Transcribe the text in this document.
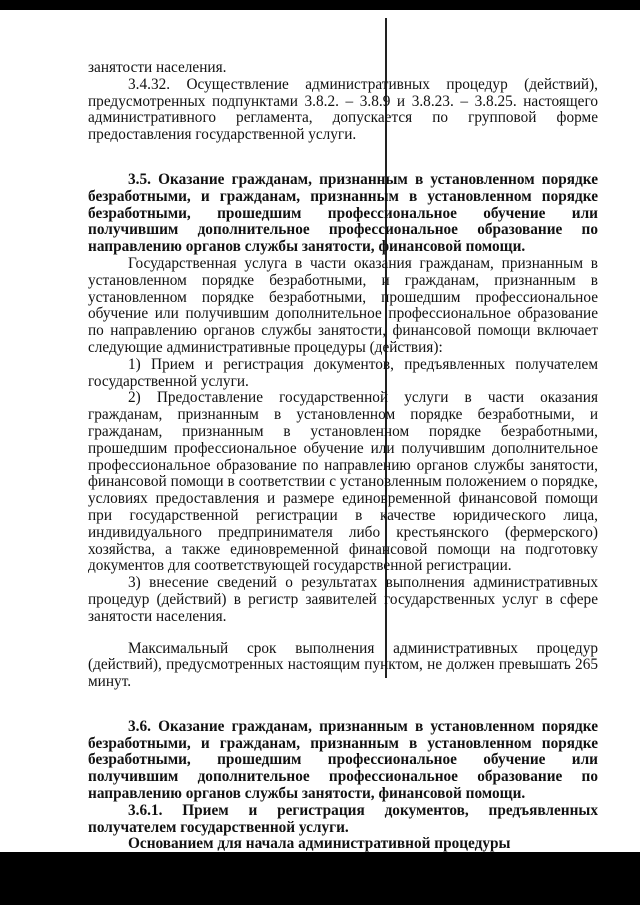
занятости населения.

3.4.32. Осуществление административных процедур (действий), предусмотренных подпунктами 3.8.2. – 3.8.9 и 3.8.23. – 3.8.25. настоящего административного регламента, допускается по групповой форме предоставления государственной услуги.

3.5. Оказание гражданам, признанным в установленном порядке безработными, и гражданам, признанным в установленном порядке безработными, прошедшим профессиональное обучение или получившим дополнительное профессиональное образование по направлению органов службы занятости, финансовой помощи.

Государственная услуга в части оказания гражданам, признанным в установленном порядке безработными, и гражданам, признанным в установленном порядке безработными, прошедшим профессиональное обучение или получившим дополнительное профессиональное образование по направлению органов службы занятости, финансовой помощи включает следующие административные процедуры (действия):

1) Прием и регистрация документов, предъявленных получателем государственной услуги.

2) Предоставление государственной услуги в части оказания гражданам, признанным в установленном порядке безработными, и гражданам, признанным в установленном порядке безработными, прошедшим профессиональное обучение или получившим дополнительное профессиональное образование по направлению органов службы занятости, финансовой помощи в соответствии с установленным положением о порядке, условиях предоставления и размере единовременной финансовой помощи при государственной регистрации в качестве юридического лица, индивидуального предпринимателя либо крестьянского (фермерского) хозяйства, а также единовременной финансовой помощи на подготовку документов для соответствующей государственной регистрации.

3) внесение сведений о результатах выполнения административных процедур (действий) в регистр заявителей государственных услуг в сфере занятости населения.

Максимальный срок выполнения административных процедур (действий), предусмотренных настоящим пунктом, не должен превышать 265 минут.

3.6. Оказание гражданам, признанным в установленном порядке безработными, и гражданам, признанным в установленном порядке безработными, прошедшим профессиональное обучение или получившим дополнительное профессиональное образование по направлению органов службы занятости, финансовой помощи.

3.6.1. Прием и регистрация документов, предъявленных получателем государственной услуги.

Основанием для начала административной процедуры
